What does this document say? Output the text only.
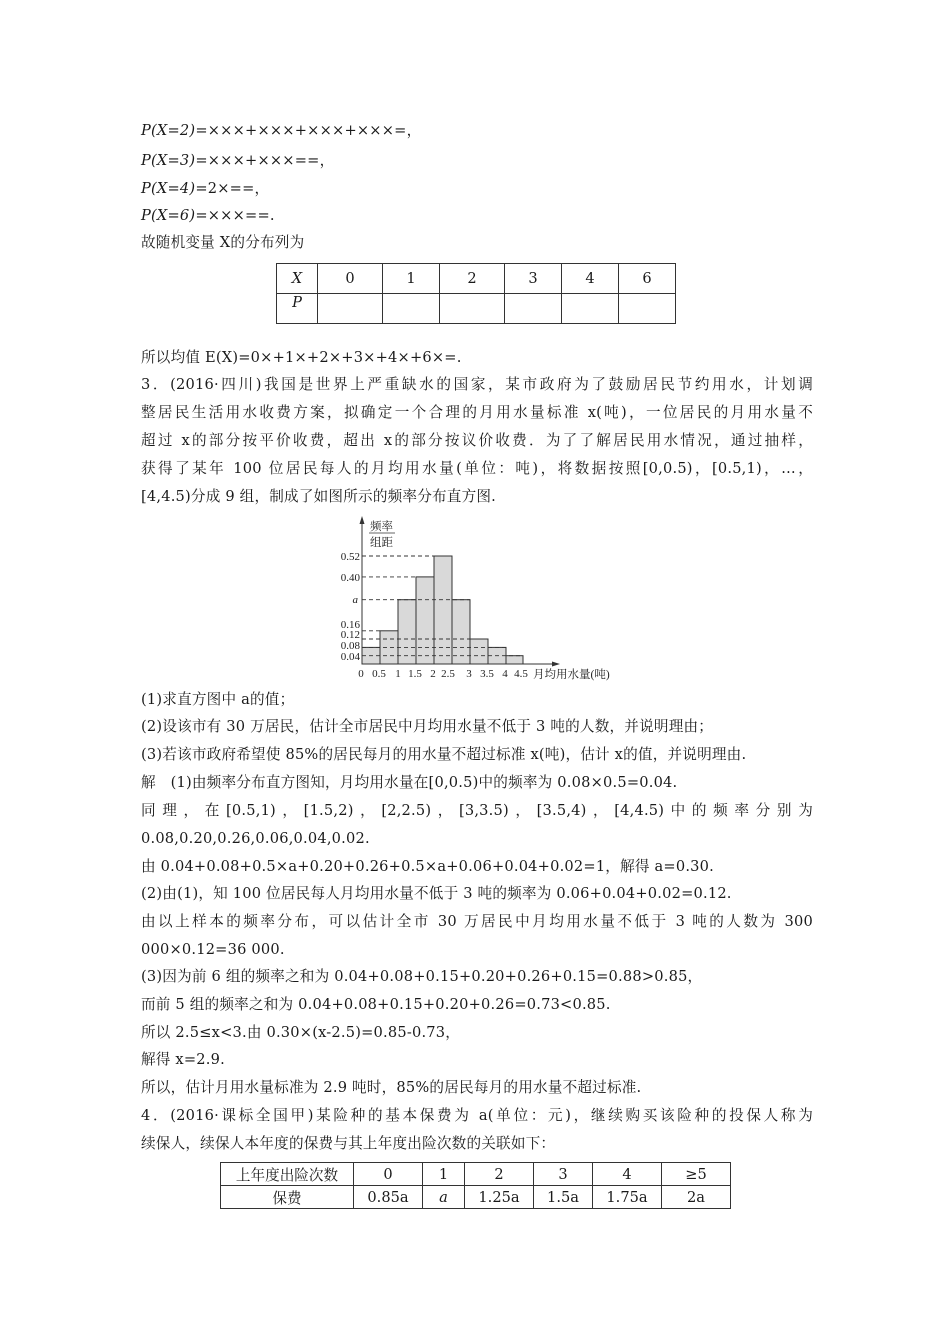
P(X=2)=×××+×××+×××+×××=，
P(X=3)=×××+×××==，
P(X=4)=2×==，
P(X=6)=×××==.
故随机变量 X的分布列为
X	0	1	2	3	4	6
P						
所以均值 E(X)=0×+1×+2×+3×+4×+6×=.
3．(2016·四川)我国是世界上严重缺水的国家，某市政府为了鼓励居民节约用水，计划调
整居民生活用水收费方案，拟确定一个合理的月用水量标准 x(吨)，一位居民的月用水量不
超过 x的部分按平价收费，超出 x的部分按议价收费．为了了解居民用水情况，通过抽样，
获得了某年 100 位居民每人的月均用水量(单位：吨)，将数据按照[0,0.5)，[0.5,1)，…，
[4,4.5)分成 9 组，制成了如图所示的频率分布直方图.
频率
组距
0.52
0.40
a
0.16
0.12
0.08
0.04
0 0.5 1 1.5 2 2.5 3 3.5 4 4.5 月均用水量(吨)
(1)求直方图中 a的值；
(2)设该市有 30 万居民，估计全市居民中月均用水量不低于 3 吨的人数，并说明理由；
(3)若该市政府希望使 85%的居民每月的用水量不超过标准 x(吨)，估计 x的值，并说明理由.
解　(1)由频率分布直方图知，月均用水量在[0,0.5)中的频率为 0.08×0.5=0.04.
同理，在[0.5,1)，[1.5,2)，[2,2.5)，[3,3.5)，[3.5,4)，[4,4.5)中的频率分别为
0.08,0.20,0.26,0.06,0.04,0.02.
由 0.04+0.08+0.5×a+0.20+0.26+0.5×a+0.06+0.04+0.02=1，解得 a=0.30.
(2)由(1)，知 100 位居民每人月均用水量不低于 3 吨的频率为 0.06+0.04+0.02=0.12.
由以上样本的频率分布，可以估计全市 30 万居民中月均用水量不低于 3 吨的人数为 300
000×0.12=36 000.
(3)因为前 6 组的频率之和为 0.04+0.08+0.15+0.20+0.26+0.15=0.88>0.85，
而前 5 组的频率之和为 0.04+0.08+0.15+0.20+0.26=0.73<0.85.
所以 2.5≤x<3.由 0.30×(x-2.5)=0.85-0.73，
解得 x=2.9.
所以，估计月用水量标准为 2.9 吨时，85%的居民每月的用水量不超过标准.
4．(2016·课标全国甲)某险种的基本保费为 a(单位：元)，继续购买该险种的投保人称为
续保人，续保人本年度的保费与其上年度出险次数的关联如下：
上年度出险次数	0	1	2	3	4	≥5
保费	0.85a	a	1.25a	1.5a	1.75a	2a
